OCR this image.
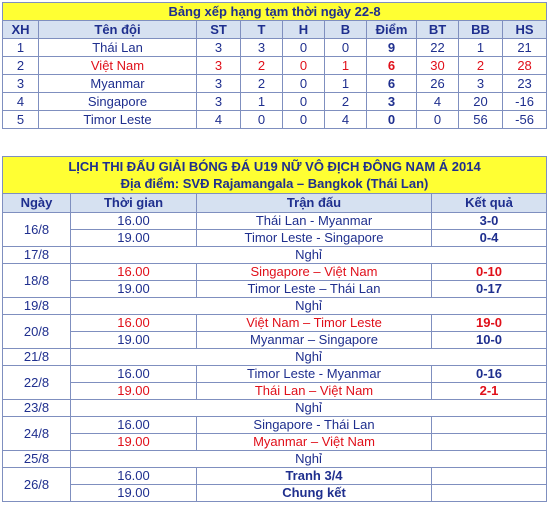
Bảng xếp hạng tạm thời ngày 22-8									
XH	Tên đội	ST	T	H	B	Điểm	BT	BB	HS
1	Thái Lan	3	3	0	0	9	22	1	21
2	Việt Nam	3	2	0	1	6	30	2	28
3	Myanmar	3	2	0	1	6	26	3	23
4	Singapore	3	1	0	2	3	4	20	-16
5	Timor Leste	4	0	0	4	0	0	56	-56
LỊCH THI ĐẤU GIẢI BÓNG ĐÁ U19 NỮ VÔ ĐỊCH ĐÔNG NAM Á 2014
Địa điểm: SVĐ Rajamangala – Bangkok (Thái Lan)			

Ngày	Thời gian	Trận đấu	Kết quả
16/8	16.00	Thái Lan - Myanmar	3-0
	19.00	Timor Leste - Singapore	0-4
17/8	Nghỉ		
18/8	16.00	Singapore – Việt Nam	0-10
	19.00	Timor Leste – Thái Lan	0-17
19/8	Nghỉ		
20/8	16.00	Việt Nam – Timor Leste	19-0
	19.00	Myanmar – Singapore	10-0
21/8	Nghỉ		
22/8	16.00	Timor Leste - Myanmar	0-16
	19.00	Thái Lan – Việt Nam	2-1
23/8	Nghỉ		
24/8	16.00	Singapore - Thái Lan	
	19.00	Myanmar – Việt Nam	
25/8	Nghỉ		
26/8	16.00	Tranh 3/4	
	19.00	Chung kết	
